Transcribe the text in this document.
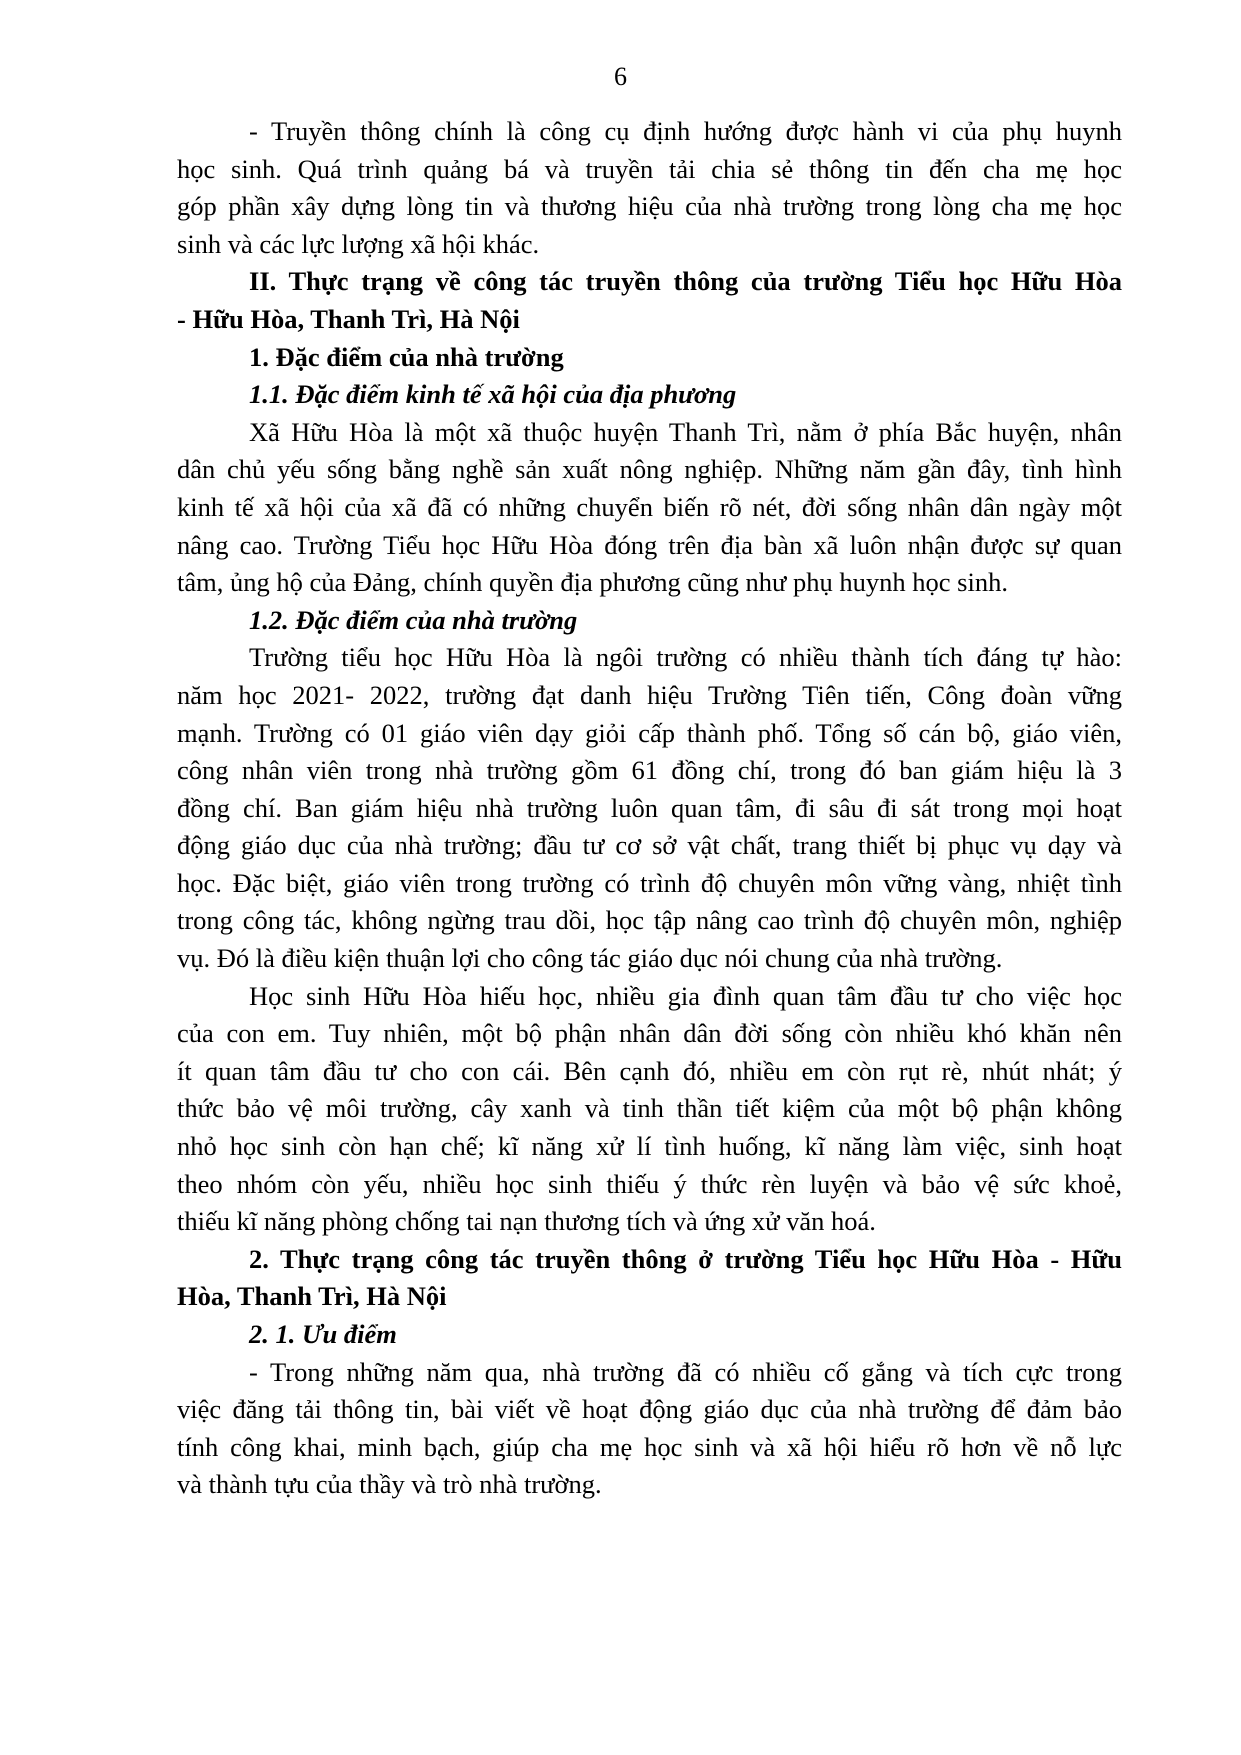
6
- Truyền thông chính là công cụ định hướng được hành vi của phụ huynh
học sinh. Quá trình quảng bá và truyền tải chia sẻ thông tin đến cha mẹ học
góp phần xây dựng lòng tin và thương hiệu của nhà trường trong lòng cha mẹ học
sinh và các lực lượng xã hội khác.
II. Thực trạng về công tác truyền thông của trường Tiểu học Hữu Hòa
- Hữu Hòa, Thanh Trì, Hà Nội
1. Đặc điểm của nhà trường
1.1. Đặc điểm kinh tế xã hội của địa phương
Xã Hữu Hòa là một xã thuộc huyện Thanh Trì, nằm ở phía Bắc huyện, nhân
dân chủ yếu sống bằng nghề sản xuất nông nghiệp. Những năm gần đây, tình hình
kinh tế xã hội của xã đã có những chuyển biến rõ nét, đời sống nhân dân ngày một
nâng cao. Trường Tiểu học Hữu Hòa đóng trên địa bàn xã luôn nhận được sự quan
tâm, ủng hộ của Đảng, chính quyền địa phương cũng như phụ huynh học sinh.
1.2. Đặc điểm của nhà trường
Trường tiểu học Hữu Hòa là ngôi trường có nhiều thành tích đáng tự hào:
năm học 2021- 2022, trường đạt danh hiệu Trường Tiên tiến, Công đoàn vững
mạnh. Trường có 01 giáo viên dạy giỏi cấp thành phố. Tổng số cán bộ, giáo viên,
công nhân viên trong nhà trường gồm 61 đồng chí, trong đó ban giám hiệu là 3
đồng chí. Ban giám hiệu nhà trường luôn quan tâm, đi sâu đi sát trong mọi hoạt
động giáo dục của nhà trường; đầu tư cơ sở vật chất, trang thiết bị phục vụ dạy và
học. Đặc biệt, giáo viên trong trường có trình độ chuyên môn vững vàng, nhiệt tình
trong công tác, không ngừng trau dồi, học tập nâng cao trình độ chuyên môn, nghiệp
vụ. Đó là điều kiện thuận lợi cho công tác giáo dục nói chung của nhà trường.
Học sinh Hữu Hòa hiếu học, nhiều gia đình quan tâm đầu tư cho việc học
của con em. Tuy nhiên, một bộ phận nhân dân đời sống còn nhiều khó khăn nên
ít quan tâm đầu tư cho con cái. Bên cạnh đó, nhiều em còn rụt rè, nhút nhát; ý
thức bảo vệ môi trường, cây xanh và tinh thần tiết kiệm của một bộ phận không
nhỏ học sinh còn hạn chế; kĩ năng xử lí tình huống, kĩ năng làm việc, sinh hoạt
theo nhóm còn yếu, nhiều học sinh thiếu ý thức rèn luyện và bảo vệ sức khoẻ,
thiếu kĩ năng phòng chống tai nạn thương tích và ứng xử văn hoá.
2. Thực trạng công tác truyền thông ở trường Tiểu học Hữu Hòa - Hữu
Hòa, Thanh Trì, Hà Nội
2. 1. Ưu điểm
- Trong những năm qua, nhà trường đã có nhiều cố gắng và tích cực trong
việc đăng tải thông tin, bài viết về hoạt động giáo dục của nhà trường để đảm bảo
tính công khai, minh bạch, giúp cha mẹ học sinh và xã hội hiểu rõ hơn về nỗ lực
và thành tựu của thầy và trò nhà trường.
